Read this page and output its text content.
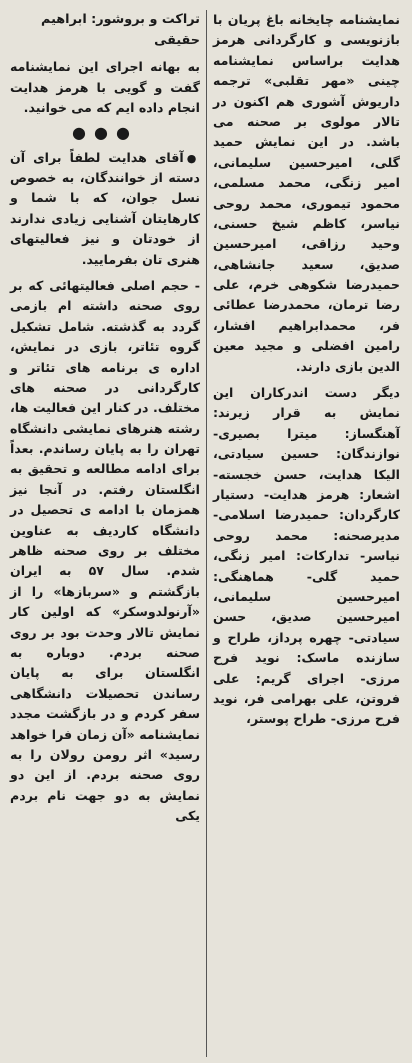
نمایشنامه چایخانه باغ پریان با بازنویسی و کارگردانی هرمز هدایت براساس نمایشنامه چینی «مهر تقلبی» ترجمه داریوش آشوری هم اکنون در تالار مولوی بر صحنه می باشد. در این نمایش حمید گلی، امیرحسین سلیمانی، امیر زنگی، محمد مسلمی، محمود تیموری، محمد روحی نیاسر، کاظم شیخ حسنی، وحید رزاقی، امیرحسین صدیق، سعید جانشاهی، حمیدرضا شکوهی خرم، علی رضا ترمان، محمدرضا عطائی فر، محمدابراهیم افشار، رامین افضلی و مجید معین الدین بازی دارند.

دیگر دست اندرکاران این نمایش به قرار زیرند: آهنگساز: میترا بصیری- نوازندگان: حسین سیادتی، الیکا هدایت، حسن خجسته- اشعار: هرمز هدایت- دستیار کارگردان: حمیدرضا اسلامی- مدیرصحنه: محمد روحی نیاسر- تدارکات: امیر زنگی، حمید گلی- هماهنگی: امیرحسین سلیمانی، امیرحسین صدیق، حسن سیادتی- چهره پرداز، طراح و سازنده ماسک: نوید فرح مرزی- اجرای گریم: علی فروتن، علی بهرامی فر، نوید فرح مرزی- طراح پوستر،

تراکت و بروشور: ابراهیم حقیقی

به بهانه اجرای این نمایشنامه گفت و گویی با هرمز هدایت انجام داده ایم که می خوانید.

●●●

●آقای هدایت لطفاً برای آن دسته از خوانندگان، به خصوص نسل جوان، که با شما و کارهایتان آشنایی زیادی ندارند از خودتان و نیز فعالیتهای هنری تان بفرمایید.

- حجم اصلی فعالیتهائی که بر روی صحنه داشته ام بازمی گردد به گذشته. شامل تشکیل گروه تئاتر، بازی در نمایش، اداره ی برنامه های تئاتر و کارگردانی در صحنه های مختلف. در کنار این فعالیت ها، رشته هنرهای نمایشی دانشگاه تهران را به پایان رساندم. بعداً برای ادامه مطالعه و تحقیق به انگلستان رفتم. در آنجا نیز همزمان با ادامه ی تحصیل در دانشگاه کاردیف به عناوین مختلف بر روی صحنه ظاهر شدم. سال ۵۷ به ایران بازگشتم و «سربازها» را از «آرنولدوسکر» که اولین کار نمایش تالار وحدت بود بر روی صحنه بردم. دوباره به انگلستان برای به پایان رساندن تحصیلات دانشگاهی سفر کردم و در بازگشت مجدد نمایشنامه «آن زمان فرا خواهد رسید» اثر رومن رولان را به روی صحنه بردم. از این دو نمایش به دو جهت نام بردم یکی
